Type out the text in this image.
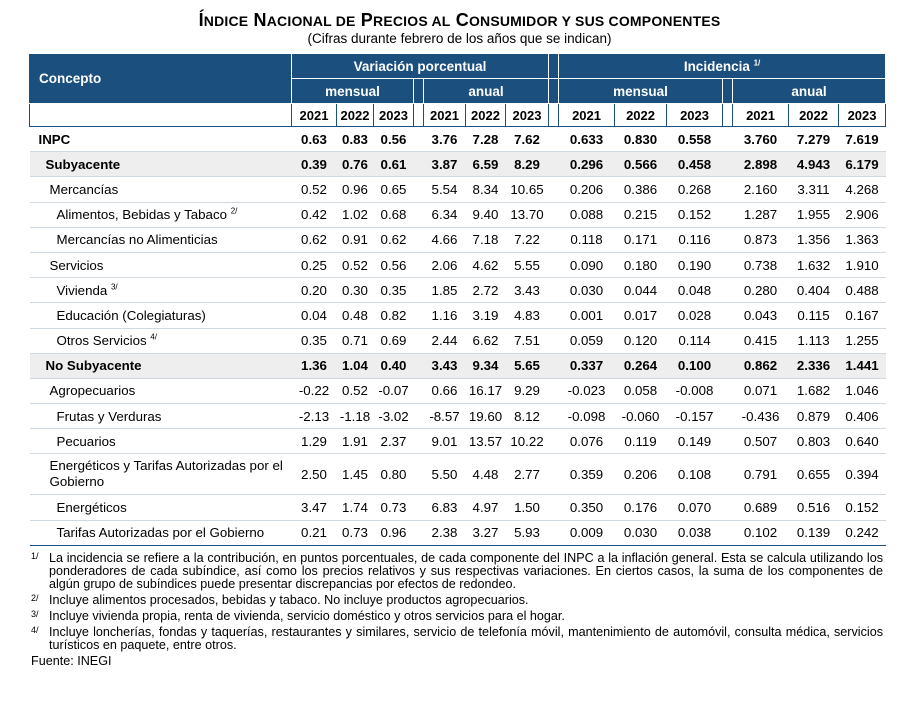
ÍNDICE NACIONAL DE PRECIOS AL CONSUMIDOR Y SUS COMPONENTES
(Cifras durante febrero de los años que se indican)
Concepto	Variación porcentual								Incidencia $^{1/}$
	mensual				anual				mensual				anual		
	2021	2022	2023		2021	2022	2023		2021	2022	2023		2021	2022	2023
INPC	0.63	0.83	0.56		3.76	7.28	7.62		0.633	0.830	0.558		3.760	7.279	7.619
Subyacente	0.39	0.76	0.61		3.87	6.59	8.29		0.296	0.566	0.458		2.898	4.943	6.179
Mercancías	0.52	0.96	0.65		5.54	8.34	10.65		0.206	0.386	0.268		2.160	3.311	4.268
Alimentos, Bebidas y Tabaco $^{2/}$	0.42	1.02	0.68		6.34	9.40	13.70		0.088	0.215	0.152		1.287	1.955	2.906
Mercancías no Alimenticias	0.62	0.91	0.62		4.66	7.18	7.22		0.118	0.171	0.116		0.873	1.356	1.363
Servicios	0.25	0.52	0.56		2.06	4.62	5.55		0.090	0.180	0.190		0.738	1.632	1.910
Vivienda $^{3/}$	0.20	0.30	0.35		1.85	2.72	3.43		0.030	0.044	0.048		0.280	0.404	0.488
Educación (Colegiaturas)	0.04	0.48	0.82		1.16	3.19	4.83		0.001	0.017	0.028		0.043	0.115	0.167
Otros Servicios $^{4/}$	0.35	0.71	0.69		2.44	6.62	7.51		0.059	0.120	0.114		0.415	1.113	1.255
No Subyacente	1.36	1.04	0.40		3.43	9.34	5.65		0.337	0.264	0.100		0.862	2.336	1.441
Agropecuarios	-0.22	0.52	-0.07		0.66	16.17	9.29		-0.023	0.058	-0.008		0.071	1.682	1.046
Frutas y Verduras	-2.13	-1.18	-3.02		-8.57	19.60	8.12		-0.098	-0.060	-0.157		-0.436	0.879	0.406
Pecuarios	1.29	1.91	2.37		9.01	13.57	10.22		0.076	0.119	0.149		0.507	0.803	0.640
Energéticos y Tarifas Autorizadas por el Gobierno	2.50	1.45	0.80		5.50	4.48	2.77		0.359	0.206	0.108		0.791	0.655	0.394
Energéticos	3.47	1.74	0.73		6.83	4.97	1.50		0.350	0.176	0.070		0.689	0.516	0.152
Tarifas Autorizadas por el Gobierno	0.21	0.73	0.96		2.38	3.27	5.93		0.009	0.030	0.038		0.102	0.139	0.242
1/ La incidencia se refiere a la contribución, en puntos porcentuales, de cada componente del INPC a la inflación general. Esta se calcula utilizando los ponderadores de cada subíndice, así como los precios relativos y sus respectivas variaciones. En ciertos casos, la suma de los componentes de algún grupo de subíndices puede presentar discrepancias por efectos de redondeo.
2/ Incluye alimentos procesados, bebidas y tabaco. No incluye productos agropecuarios.
3/ Incluye vivienda propia, renta de vivienda, servicio doméstico y otros servicios para el hogar.
4/ Incluye loncherías, fondas y taquerías, restaurantes y similares, servicio de telefonía móvil, mantenimiento de automóvil, consulta médica, servicios turísticos en paquete, entre otros.
Fuente: INEGI
